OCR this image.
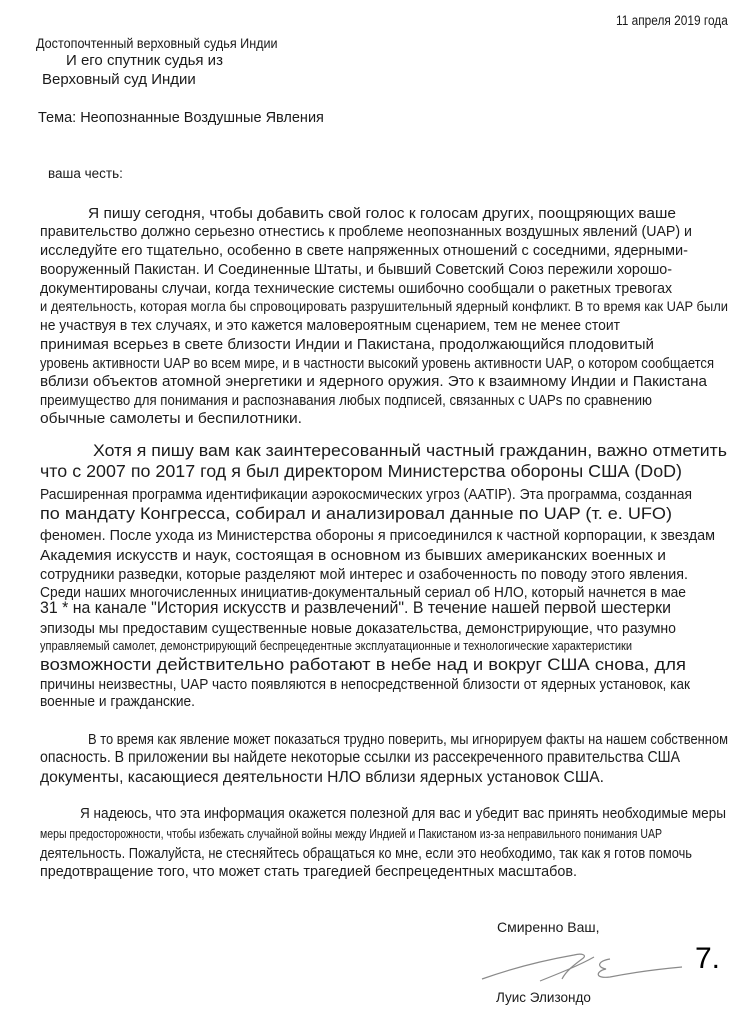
11 апреля 2019 года
Достопочтенный верховный судья Индии
И его спутник судья из
Верховный суд Индии
Тема: Неопознанные Воздушные Явления
ваша честь:
Я пишу сегодня, чтобы добавить свой голос к голосам других, поощряющих ваше
правительство должно серьезно отнестись к проблеме неопознанных воздушных явлений (UAP) и
исследуйте его тщательно, особенно в свете напряженных отношений с соседними, ядерными-
вооруженный Пакистан. И Соединенные Штаты, и бывший Советский Союз пережили хорошо-
документированы случаи, когда технические системы ошибочно сообщали о ракетных тревогах
и деятельность, которая могла бы спровоцировать разрушительный ядерный конфликт. В то время как UAP были
не участвуя в тех случаях, и это кажется маловероятным сценарием, тем не менее стоит
принимая всерьез в свете близости Индии и Пакистана, продолжающийся плодовитый
уровень активности UAP во всем мире, и в частности высокий уровень активности UAP, о котором сообщается
вблизи объектов атомной энергетики и ядерного оружия. Это к взаимному Индии и Пакистана
преимущество для понимания и распознавания любых подписей, связанных с UAPs по сравнению
обычные самолеты и беспилотники.
Хотя я пишу вам как заинтересованный частный гражданин, важно отметить
что с 2007 по 2017 год я был директором Министерства обороны США (DoD)
Расширенная программа идентификации аэрокосмических угроз (AATIP). Эта программа, созданная
по мандату Конгресса, собирал и анализировал данные по UAP (т. е. UFO)
феномен. После ухода из Министерства обороны я присоединился к частной корпорации, к звездам
Академия искусств и наук, состоящая в основном из бывших американских военных и
сотрудники разведки, которые разделяют мой интерес и озабоченность по поводу этого явления.
Среди наших многочисленных инициатив-документальный сериал об НЛО, который начнется в мае
31 * на канале "История искусств и развлечений". В течение нашей первой шестерки
эпизоды мы предоставим существенные новые доказательства, демонстрирующие, что разумно
управляемый самолет, демонстрирующий беспрецедентные эксплуатационные и технологические характеристики
возможности действительно работают в небе над и вокруг США снова, для
причины неизвестны, UAP часто появляются в непосредственной близости от ядерных установок, как
военные и гражданские.
В то время как явление может показаться трудно поверить, мы игнорируем факты на нашем собственном
опасность. В приложении вы найдете некоторые ссылки из рассекреченного правительства США
документы, касающиеся деятельности НЛО вблизи ядерных установок США.
Я надеюсь, что эта информация окажется полезной для вас и убедит вас принять необходимые меры
меры предосторожности, чтобы избежать случайной войны между Индией и Пакистаном из-за неправильного понимания UAP
деятельность. Пожалуйста, не стесняйтесь обращаться ко мне, если это необходимо, так как я готов помочь
предотвращение того, что может стать трагедией беспрецедентных масштабов.
Смиренно Ваш,
7.
Луис Элизондо
